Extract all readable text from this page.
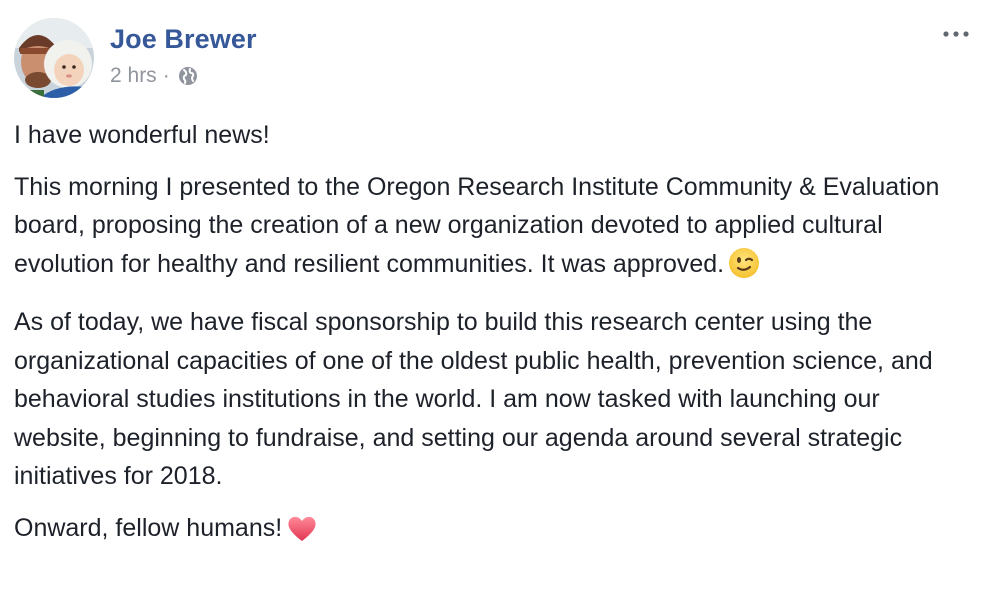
Joe Brewer
2 hrs ·

I have wonderful news!

This morning I presented to the Oregon Research Institute Community & Evaluation board, proposing the creation of a new organization devoted to applied cultural evolution for healthy and resilient communities. It was approved.

As of today, we have fiscal sponsorship to build this research center using the organizational capacities of one of the oldest public health, prevention science, and behavioral studies institutions in the world. I am now tasked with launching our website, beginning to fundraise, and setting our agenda around several strategic initiatives for 2018.

Onward, fellow humans!
